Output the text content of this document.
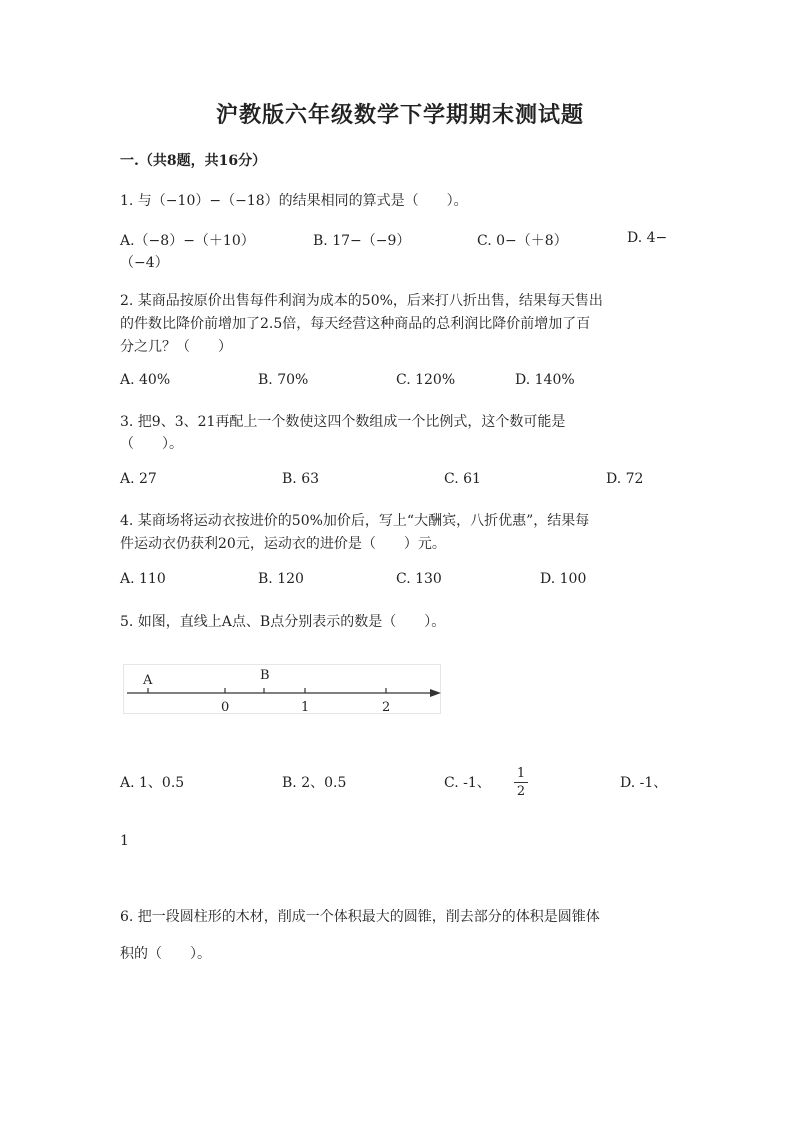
沪教版六年级数学下学期期末测试题
一.（共8题，共16分）
1. 与（−10）−（−18）的结果相同的算式是（　　）。
A.（−8）−（＋10）	B. 17−（−9）	C. 0−（＋8）	D. 4−
（−4）
2. 某商品按原价出售每件利润为成本的50%，后来打八折出售，结果每天售出
的件数比降价前增加了2.5倍，每天经营这种商品的总利润比降价前增加了百
分之几？（　　）
A. 40%	B. 70%	C. 120%	D. 140%
3. 把9、3、21再配上一个数使这四个数组成一个比例式，这个数可能是
（　　）。
A. 27	B. 63	C. 61	D. 72
4. 某商场将运动衣按进价的50%加价后，写上“大酬宾，八折优惠”，结果每
件运动衣仍获利20元，运动衣的进价是（　　）元。
A. 110	B. 120	C. 130	D. 100
5. 如图，直线上A点、B点分别表示的数是（　　）。
A	B
0	1	2
A. 1、0.5	B. 2、0.5	C. -1、
1
2
D. -1、
1
6. 把一段圆柱形的木材，削成一个体积最大的圆锥，削去部分的体积是圆锥体
积的（　　）。
